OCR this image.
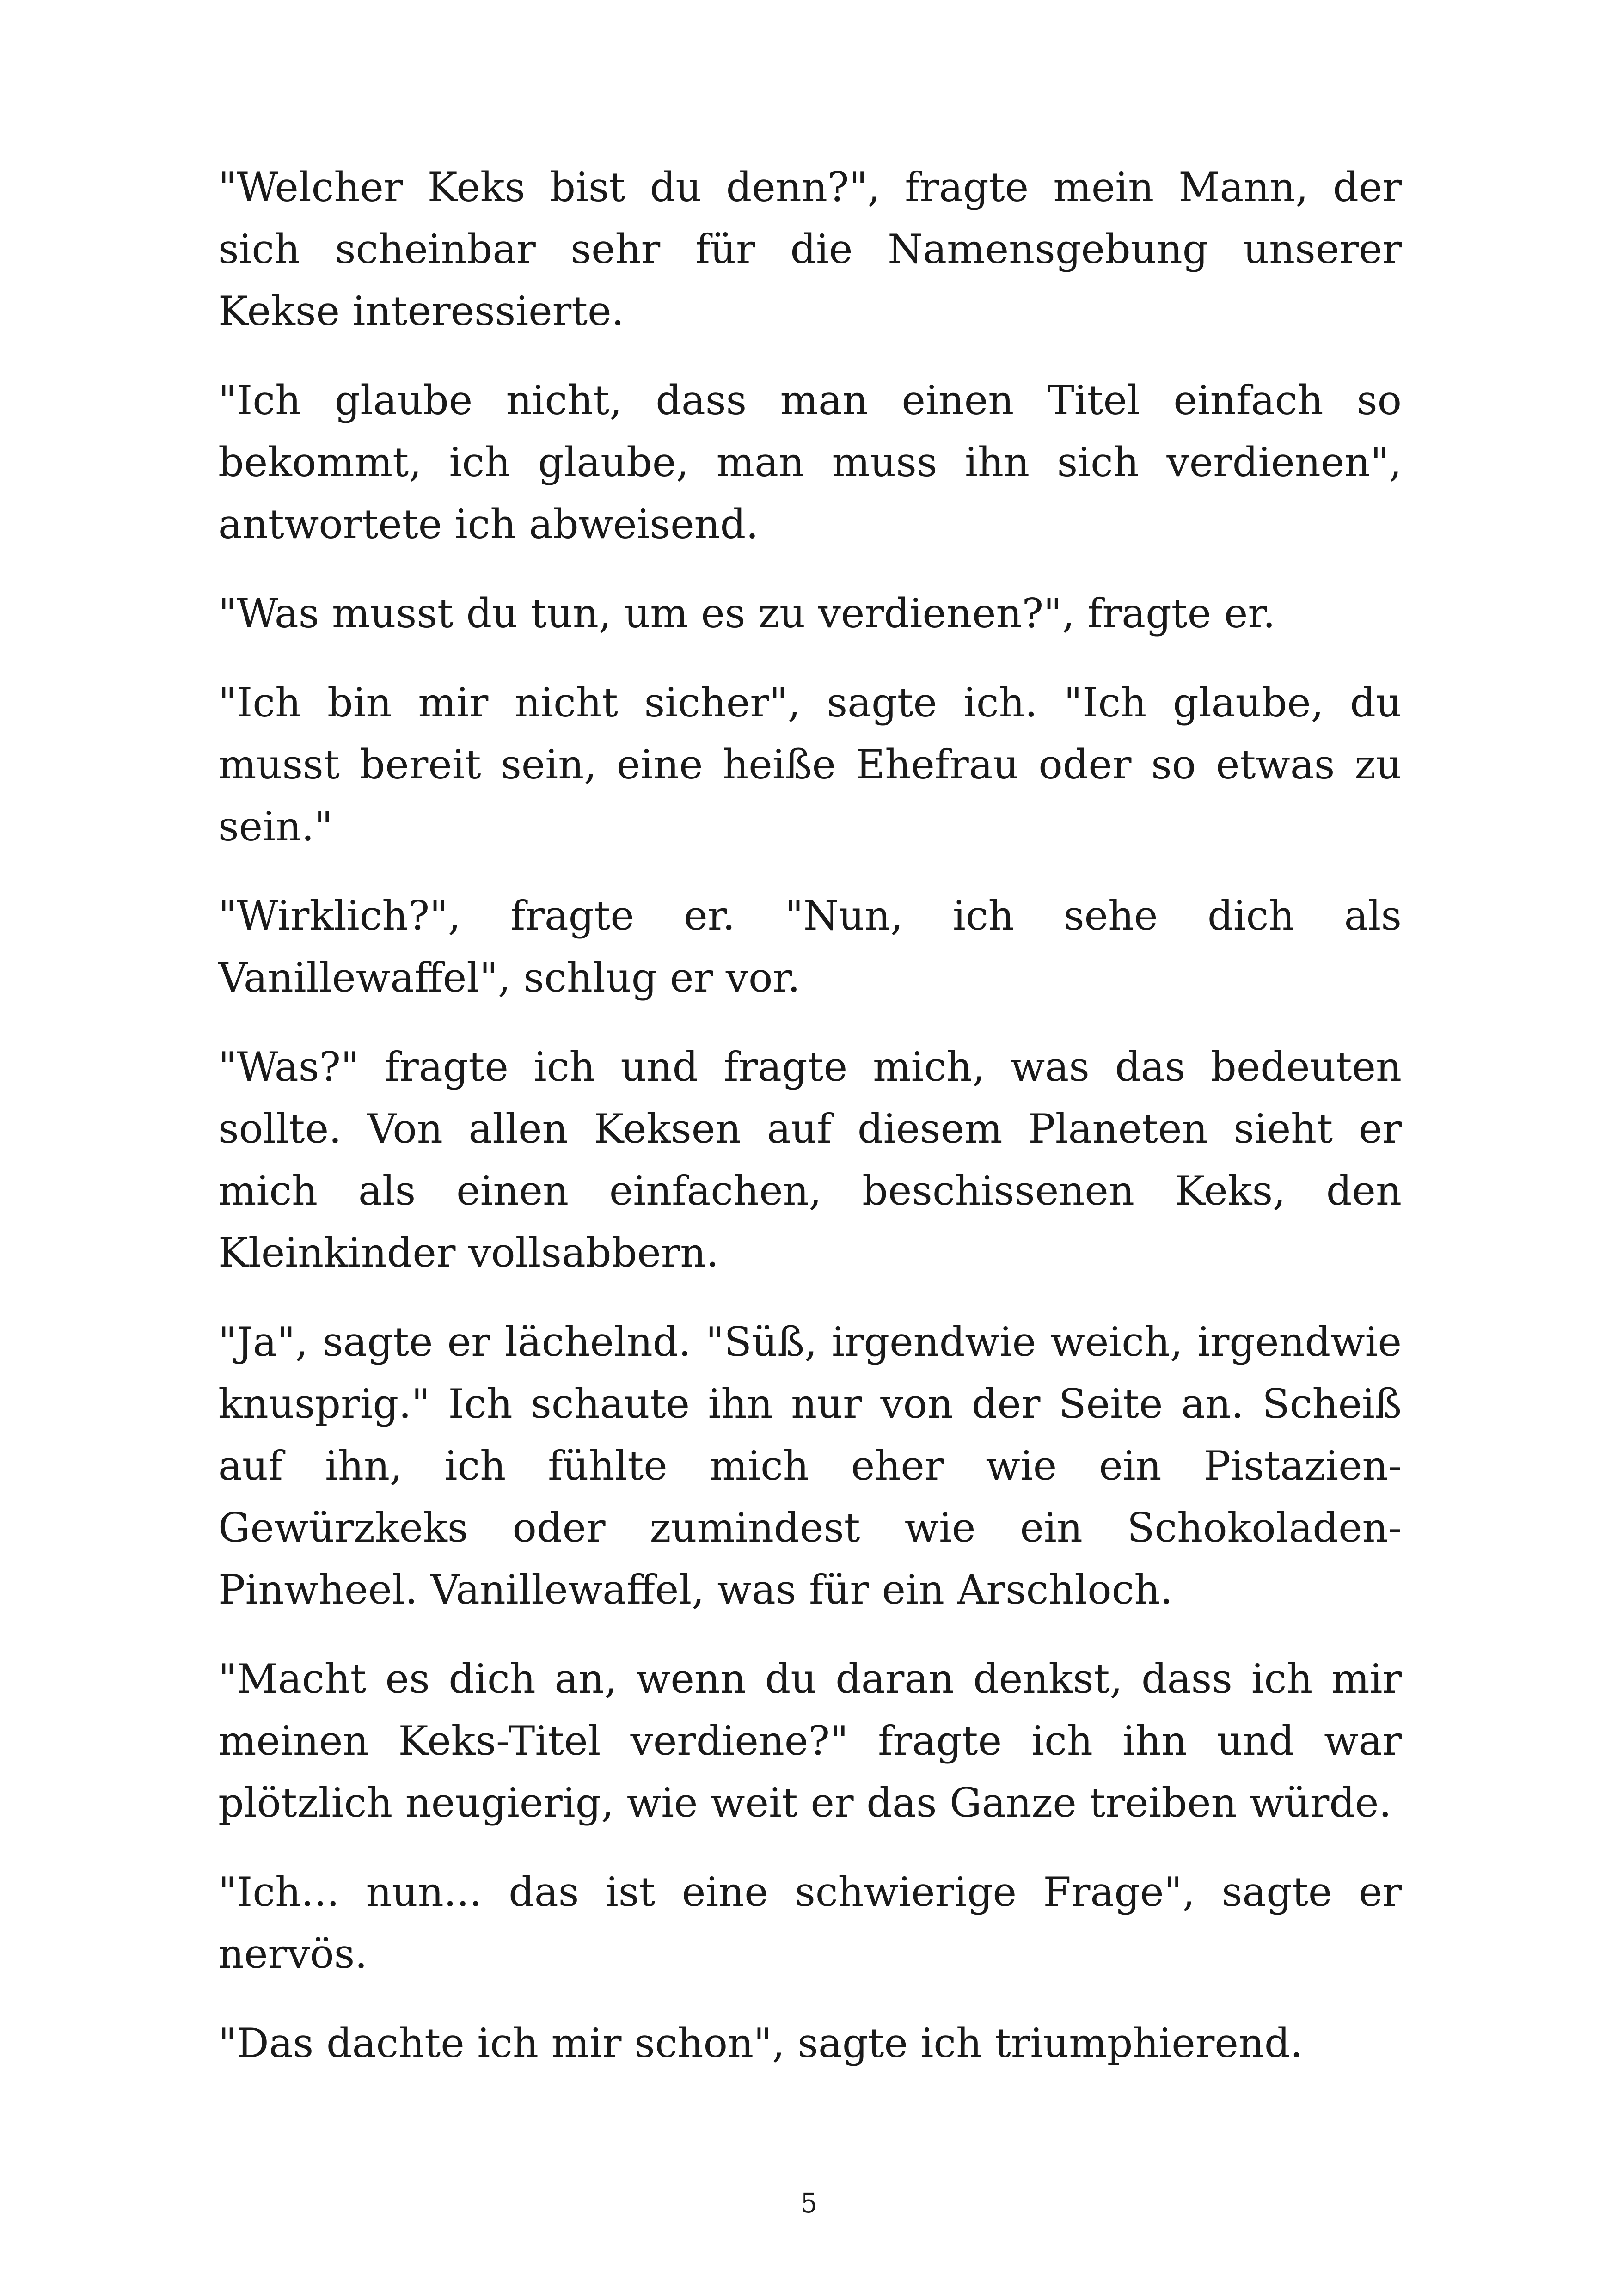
"Welcher Keks bist du denn?", fragte mein Mann, der sich scheinbar sehr für die Namensgebung unserer Kekse interessierte.

"Ich glaube nicht, dass man einen Titel einfach so bekommt, ich glaube, man muss ihn sich verdienen", antwortete ich abweisend.

"Was musst du tun, um es zu verdienen?", fragte er.

"Ich bin mir nicht sicher", sagte ich. "Ich glaube, du musst bereit sein, eine heiße Ehefrau oder so etwas zu sein."

"Wirklich?", fragte er. "Nun, ich sehe dich als Vanillewaffel", schlug er vor.

"Was?" fragte ich und fragte mich, was das bedeuten sollte. Von allen Keksen auf diesem Planeten sieht er mich als einen einfachen, beschissenen Keks, den Kleinkinder vollsabbern.

"Ja", sagte er lächelnd. "Süß, irgendwie weich, irgendwie knusprig." Ich schaute ihn nur von der Seite an. Scheiß auf ihn, ich fühlte mich eher wie ein Pistazien-Gewürzkeks oder zumindest wie ein Schokoladen-Pinwheel. Vanillewaffel, was für ein Arschloch.

"Macht es dich an, wenn du daran denkst, dass ich mir meinen Keks-Titel verdiene?" fragte ich ihn und war plötzlich neugierig, wie weit er das Ganze treiben würde.

"Ich... nun... das ist eine schwierige Frage", sagte er nervös.

"Das dachte ich mir schon", sagte ich triumphierend.

5
